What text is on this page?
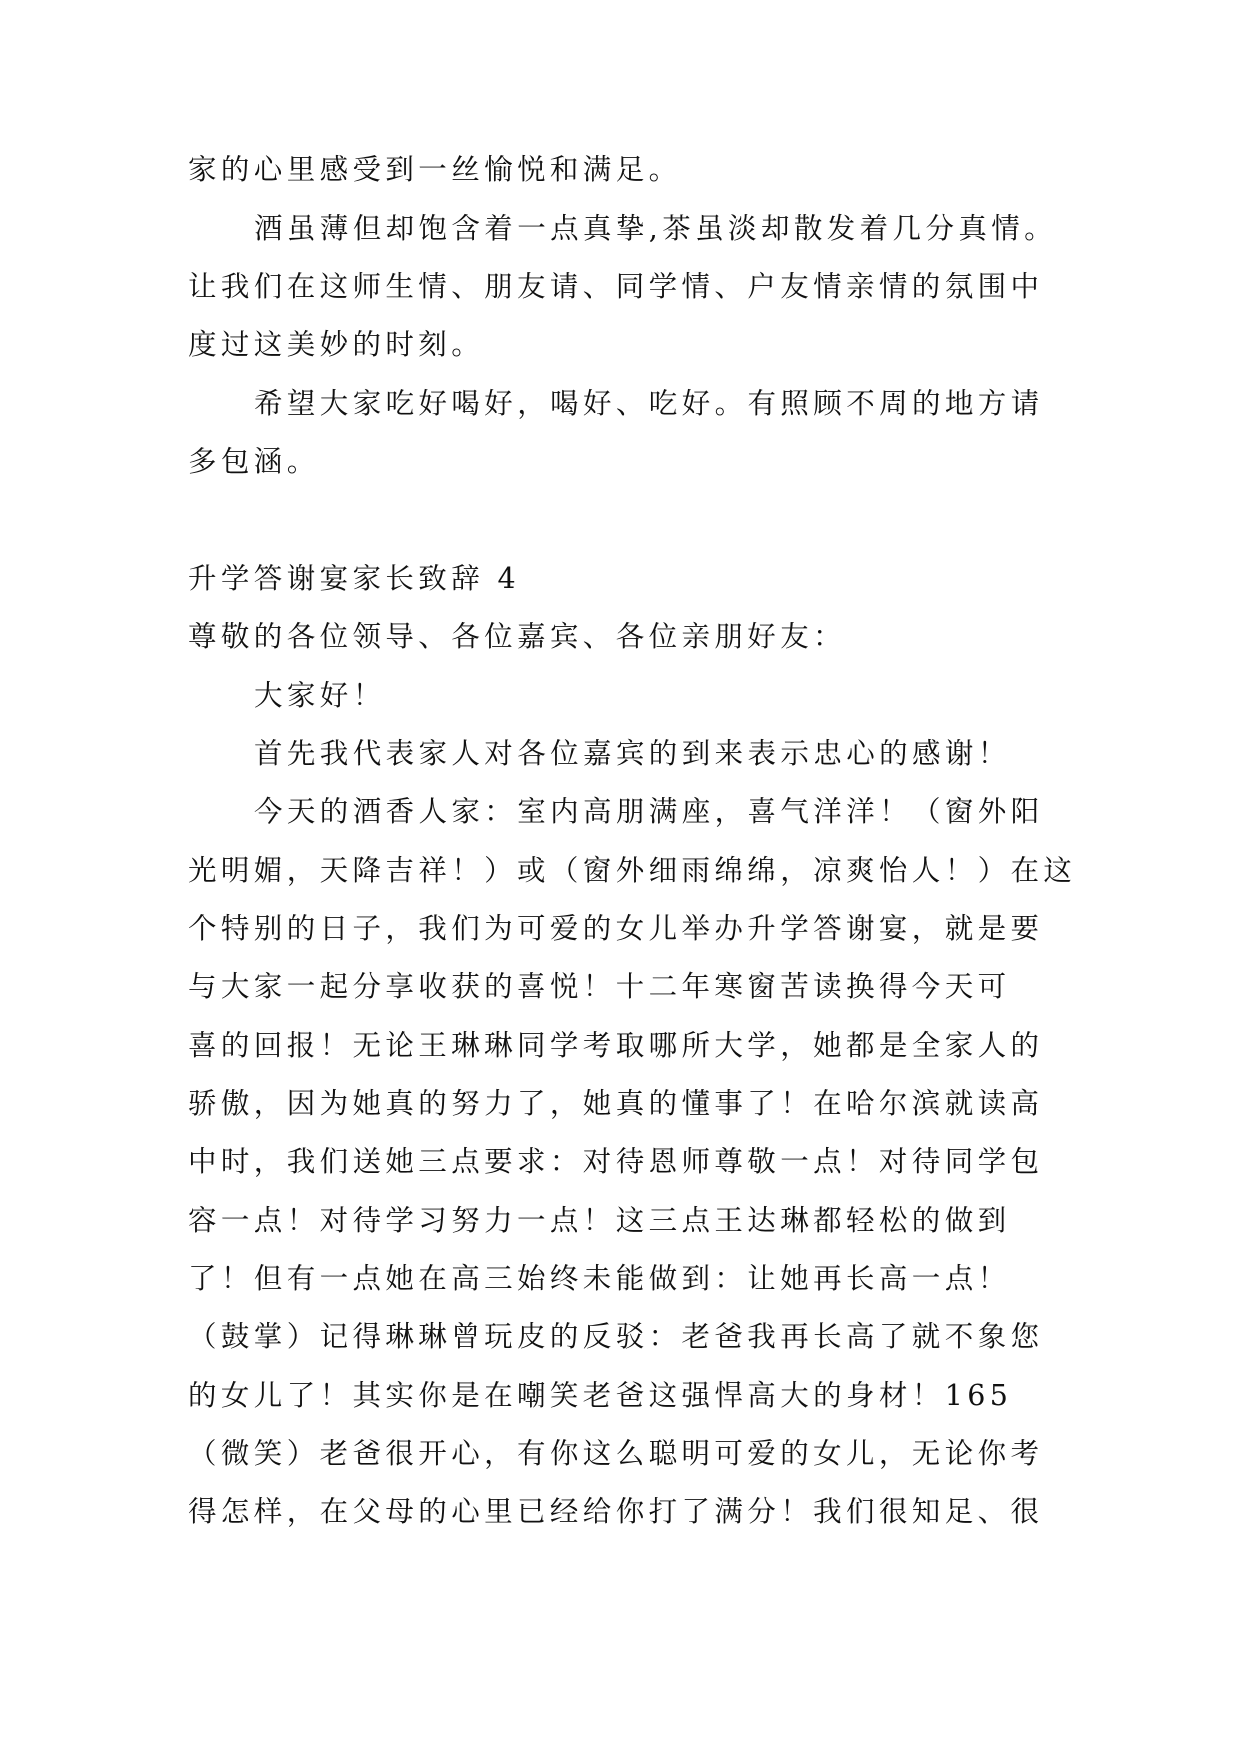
家的心里感受到一丝愉悦和满足。
酒虽薄但却饱含着一点真挚,茶虽淡却散发着几分真情。
让我们在这师生情、朋友请、同学情、户友情亲情的氛围中
度过这美妙的时刻。
希望大家吃好喝好，喝好、吃好。有照顾不周的地方请
多包涵。
升学答谢宴家长致辞 4
尊敬的各位领导、各位嘉宾、各位亲朋好友：
大家好！
首先我代表家人对各位嘉宾的到来表示忠心的感谢！
今天的酒香人家：室内高朋满座，喜气洋洋！（窗外阳
光明媚，天降吉祥！）或（窗外细雨绵绵，凉爽怡人！）在这
个特别的日子，我们为可爱的女儿举办升学答谢宴，就是要
与大家一起分享收获的喜悦！十二年寒窗苦读换得今天可
喜的回报！无论王琳琳同学考取哪所大学，她都是全家人的
骄傲，因为她真的努力了，她真的懂事了！在哈尔滨就读高
中时，我们送她三点要求：对待恩师尊敬一点！对待同学包
容一点！对待学习努力一点！这三点王达琳都轻松的做到
了！但有一点她在高三始终未能做到：让她再长高一点！
（鼓掌）记得琳琳曾玩皮的反驳：老爸我再长高了就不象您
的女儿了！其实你是在嘲笑老爸这强悍高大的身材！165
（微笑）老爸很开心，有你这么聪明可爱的女儿，无论你考
得怎样，在父母的心里已经给你打了满分！我们很知足、很
